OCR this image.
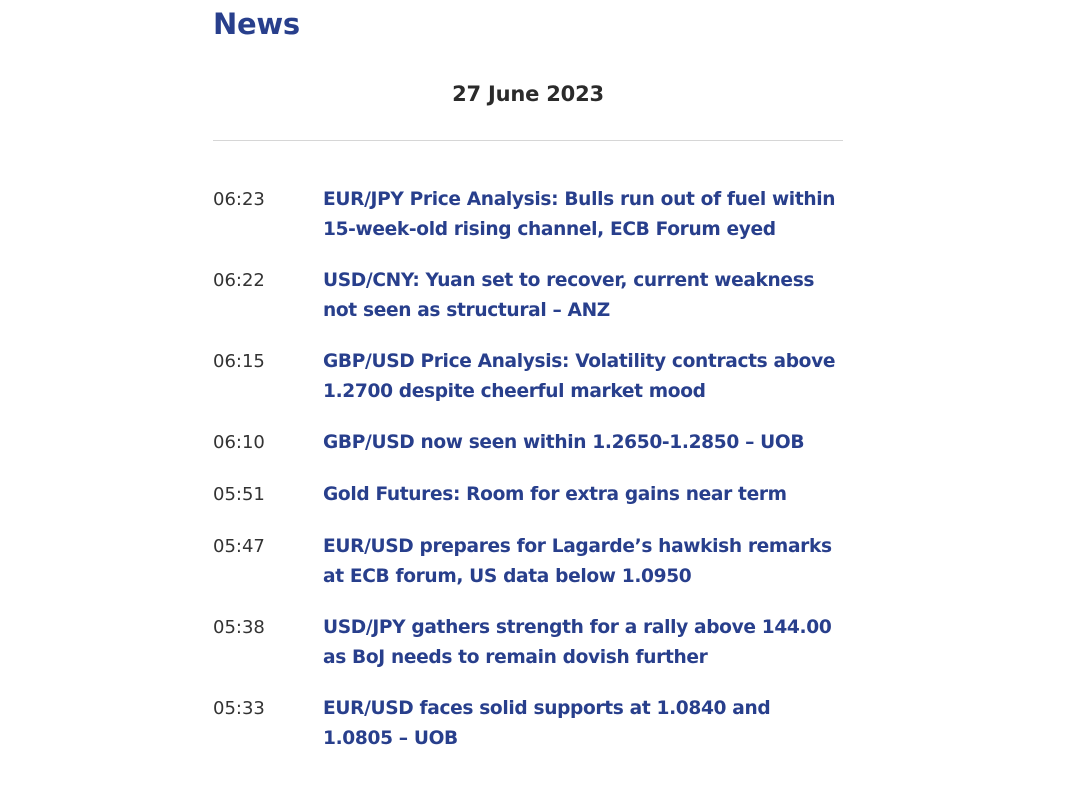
News
27 June 2023
06:23	EUR/JPY Price Analysis: Bulls run out of fuel within 15-week-old rising channel, ECB Forum eyed
06:22	USD/CNY: Yuan set to recover, current weakness not seen as structural – ANZ
06:15	GBP/USD Price Analysis: Volatility contracts above 1.2700 despite cheerful market mood
06:10	GBP/USD now seen within 1.2650-1.2850 – UOB
05:51	Gold Futures: Room for extra gains near term
05:47	EUR/USD prepares for Lagarde’s hawkish remarks at ECB forum, US data below 1.0950
05:38	USD/JPY gathers strength for a rally above 144.00 as BoJ needs to remain dovish further
05:33	EUR/USD faces solid supports at 1.0840 and 1.0805 – UOB
